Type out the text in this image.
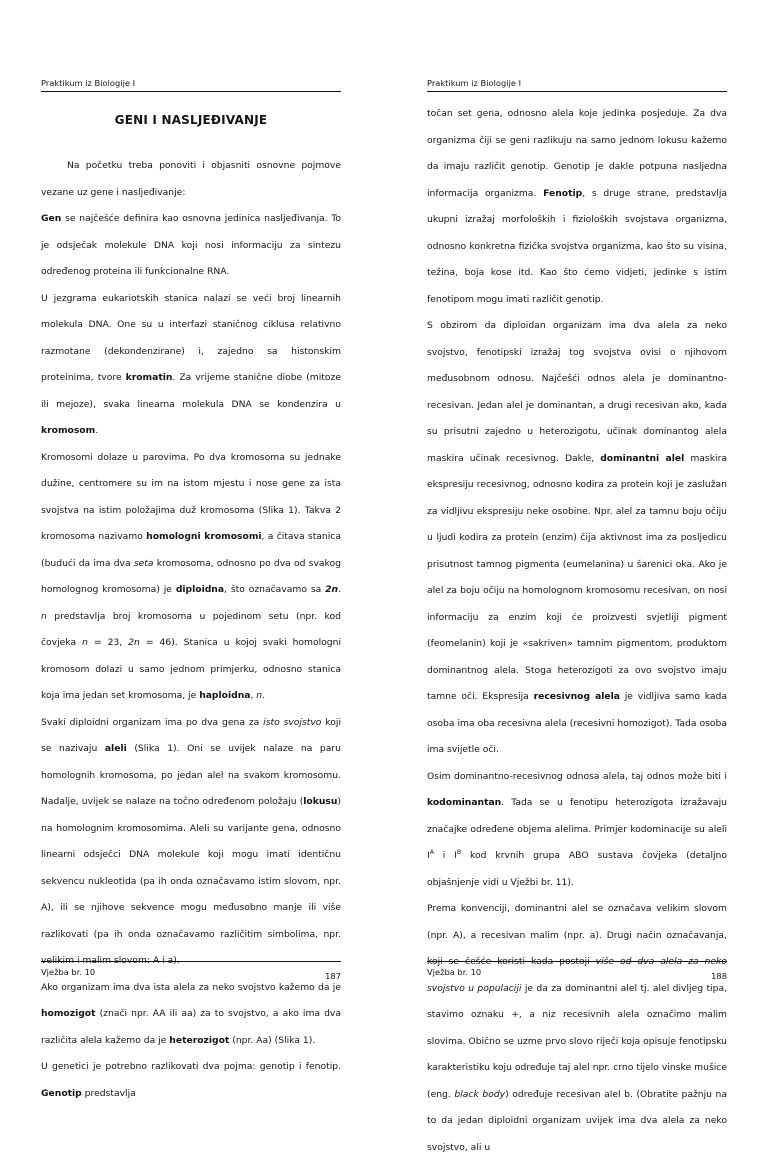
Praktikum iz Biologije I
GENI I NASLJEĐIVANJE

Na početku treba ponoviti i objasniti osnovne pojmove vezane uz gene i nasljeđivanje:

Gen se najčešće definira kao osnovna jedinica nasljeđivanja. To je odsječak molekule DNA koji nosi informaciju za sintezu određenog proteina ili funkcionalne RNA.

U jezgrama eukariotskih stanica nalazi se veći broj linearnih molekula DNA. One su u interfazi staničnog ciklusa relativno razmotane (dekondenzirane) i, zajedno sa histonskim proteinima, tvore kromatin. Za vrijeme stanične diobe (mitoze ili mejoze), svaka linearna molekula DNA se kondenzira u kromosom.

Kromosomi dolaze u parovima. Po dva kromosoma su jednake dužine, centromere su im na istom mjestu i nose gene za ista svojstva na istim položajima duž kromosoma (Slika 1). Takva 2 kromosoma nazivamo homologni kromosomi, a čitava stanica (budući da ima dva seta kromosoma, odnosno po dva od svakog homolognog kromosoma) je diploidna, što označavamo sa 2n. n predstavlja broj kromosoma u pojedinom setu (npr. kod čovjeka n = 23, 2n = 46). Stanica u kojoj svaki homologni kromosom dolazi u samo jednom primjerku, odnosno stanica koja ima jedan set kromosoma, je haploidna, n.

Svaki diploidni organizam ima po dva gena za isto svojstvo koji se nazivaju aleli (Slika 1). Oni se uvijek nalaze na paru homolognih kromosoma, po jedan alel na svakom kromosomu. Nadalje, uvijek se nalaze na točno određenom položaju (lokusu) na homolognim kromosomima. Aleli su varijante gena, odnosno linearni odsječci DNA molekule koji mogu imati identičnu sekvencu nukleotida (pa ih onda označavamo istim slovom, npr. A), ili se njihove sekvence mogu međusobno manje ili više razlikovati (pa ih onda označavamo različitim simbolima, npr. velikim i malim slovom: A i a).

Ako organizam ima dva ista alela za neko svojstvo kažemo da je homozigot (znači npr. AA ili aa) za to svojstvo, a ako ima dva različita alela kažemo da je heterozigot (npr. Aa) (Slika 1).

U genetici je potrebno razlikovati dva pojma: genotip i fenotip. Genotip predstavlja

Vježba br. 10	187
Praktikum iz Biologije I

točan set gena, odnosno alela koje jedinka posjeduje. Za dva organizma čiji se geni razlikuju na samo jednom lokusu kažemo da imaju različit genotip. Genotip je dakle potpuna nasljedna informacija organizma. Fenotip, s druge strane, predstavlja ukupni izražaj morfoloških i fizioloških svojstava organizma, odnosno konkretna fizička svojstva organizma, kao što su visina, težina, boja kose itd. Kao što ćemo vidjeti, jedinke s istim fenotipom mogu imati različit genotip.

S obzirom da diploidan organizam ima dva alela za neko svojstvo, fenotipski izražaj tog svojstva ovisi o njihovom međusobnom odnosu. Najčešći odnos alela je dominantno-recesivan. Jedan alel je dominantan, a drugi recesivan ako, kada su prisutni zajedno u heterozigotu, učinak dominantog alela maskira učinak recesivnog. Dakle, dominantni alel maskira ekspresiju recesivnog, odnosno kodira za protein koji je zaslužan za vidljivu ekspresiju neke osobine. Npr. alel za tamnu boju očiju u ljudi kodira za protein (enzim) čija aktivnost ima za posljedicu prisutnost tamnog pigmenta (eumelanina) u šarenici oka. Ako je alel za boju očiju na homolognom kromosomu recesivan, on nosi informaciju za enzim koji će proizvesti svjetliji pigment (feomelanin) koji je «sakriven» tamnim pigmentom, produktom dominantnog alela. Stoga heterozigoti za ovo svojstvo imaju tamne oči. Ekspresija recesivnog alela je vidljiva samo kada osoba ima oba recesivna alela (recesivni homozigot). Tada osoba ima svijetle oči.

Osim dominantno-recesivnog odnosa alela, taj odnos može biti i kodominantan. Tada se u fenotipu heterozigota izražavaju značajke određene objema alelima. Primjer kodominacije su aleli $I^A$ i $I^B$ kod krvnih grupa ABO sustava čovjeka (detaljno objašnjenje vidi u Vježbi br. 11).

Prema konvenciji, dominantni alel se označava velikim slovom (npr. A), a recesivan malim (npr. a). Drugi način označavanja, koji se češće koristi kada postoji više od dva alela za neko svojstvo u populaciji je da za dominantni alel tj. alel divljeg tipa, stavimo oznaku +, a niz recesivnih alela označimo malim slovima. Obično se uzme prvo slovo riječi koja opisuje fenotipsku karakteristiku koju određuje taj alel npr. crno tijelo vinske mušice (eng. black body) određuje recesivan alel b. (Obratite pažnju na to da jedan diploidni organizam uvijek ima dva alela za neko svojstvo, ali u

Vježba br. 10	188
